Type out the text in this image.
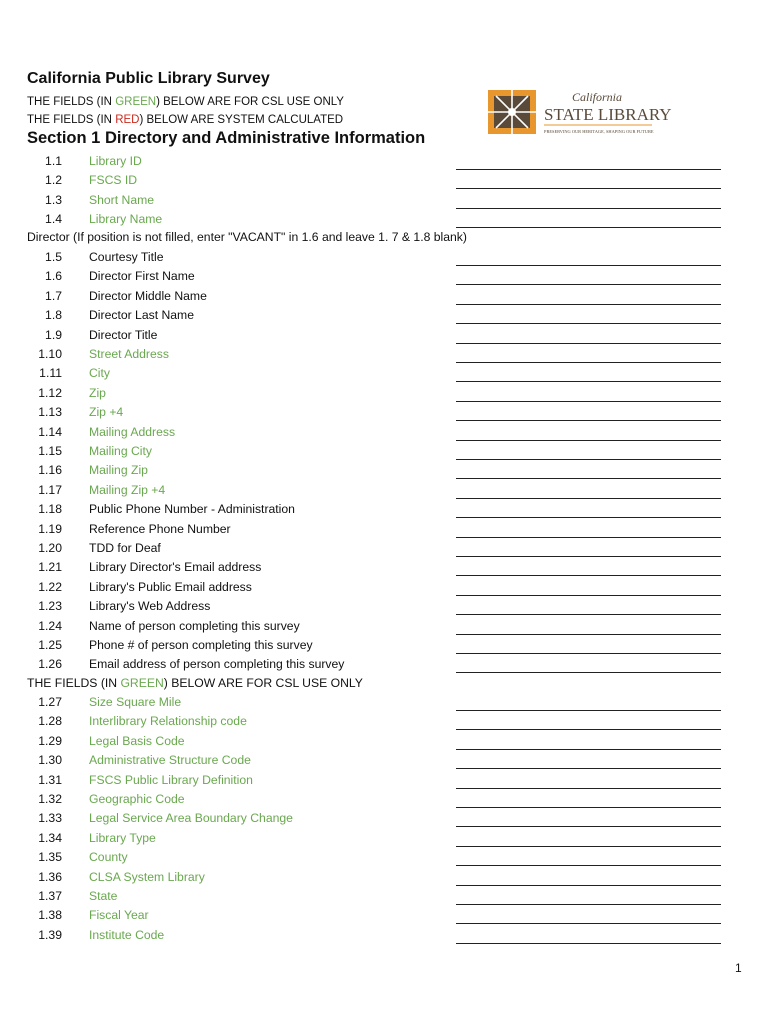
California Public Library Survey
THE FIELDS (IN GREEN) BELOW ARE FOR CSL USE ONLY
THE FIELDS (IN RED) BELOW ARE SYSTEM CALCULATED
California
STATE LIBRARY
PRESERVING OUR HERITAGE, SHAPING OUR FUTURE
Section 1 Directory and Administrative Information
1.1 Library ID
1.2 FSCS ID
1.3 Short Name
1.4 Library Name
Director (If position is not filled, enter "VACANT" in 1.6 and leave 1. 7 & 1.8 blank)
1.5 Courtesy Title
1.6 Director First Name
1.7 Director Middle Name
1.8 Director Last Name
1.9 Director Title
1.10 Street Address
1.11 City
1.12 Zip
1.13 Zip +4
1.14 Mailing Address
1.15 Mailing City
1.16 Mailing Zip
1.17 Mailing Zip +4
1.18 Public Phone Number - Administration
1.19 Reference Phone Number
1.20 TDD for Deaf
1.21 Library Director's Email address
1.22 Library's Public Email address
1.23 Library's Web Address
1.24 Name of person completing this survey
1.25 Phone # of person completing this survey
1.26 Email address of person completing this survey
THE FIELDS (IN GREEN) BELOW ARE FOR CSL USE ONLY
1.27 Size Square Mile
1.28 Interlibrary Relationship code
1.29 Legal Basis Code
1.30 Administrative Structure Code
1.31 FSCS Public Library Definition
1.32 Geographic Code
1.33 Legal Service Area Boundary Change
1.34 Library Type
1.35 County
1.36 CLSA System Library
1.37 State
1.38 Fiscal Year
1.39 Institute Code
1
